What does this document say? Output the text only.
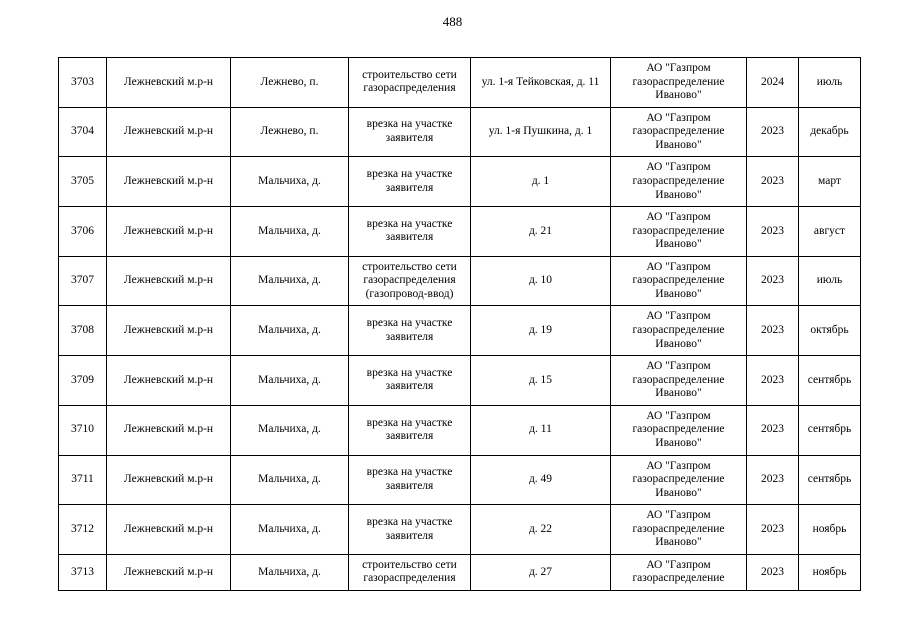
488
3703	Лежневский м.р-н	Лежнево, п.	строительство сети газораспределения	ул. 1-я Тейковская, д. 11	АО "Газпром газораспределение Иваново"	2024	июль
3704	Лежневский м.р-н	Лежнево, п.	врезка на участке заявителя	ул. 1-я Пушкина, д. 1	АО "Газпром газораспределение Иваново"	2023	декабрь
3705	Лежневский м.р-н	Мальчиха, д.	врезка на участке заявителя	д. 1	АО "Газпром газораспределение Иваново"	2023	март
3706	Лежневский м.р-н	Мальчиха, д.	врезка на участке заявителя	д. 21	АО "Газпром газораспределение Иваново"	2023	август
3707	Лежневский м.р-н	Мальчиха, д.	строительство сети газораспределения (газопровод-ввод)	д. 10	АО "Газпром газораспределение Иваново"	2023	июль
3708	Лежневский м.р-н	Мальчиха, д.	врезка на участке заявителя	д. 19	АО "Газпром газораспределение Иваново"	2023	октябрь
3709	Лежневский м.р-н	Мальчиха, д.	врезка на участке заявителя	д. 15	АО "Газпром газораспределение Иваново"	2023	сентябрь
3710	Лежневский м.р-н	Мальчиха, д.	врезка на участке заявителя	д. 11	АО "Газпром газораспределение Иваново"	2023	сентябрь
3711	Лежневский м.р-н	Мальчиха, д.	врезка на участке заявителя	д. 49	АО "Газпром газораспределение Иваново"	2023	сентябрь
3712	Лежневский м.р-н	Мальчиха, д.	врезка на участке заявителя	д. 22	АО "Газпром газораспределение Иваново"	2023	ноябрь
3713	Лежневский м.р-н	Мальчиха, д.	строительство сети газораспределения	д. 27	АО "Газпром газораспределение	2023	ноябрь
